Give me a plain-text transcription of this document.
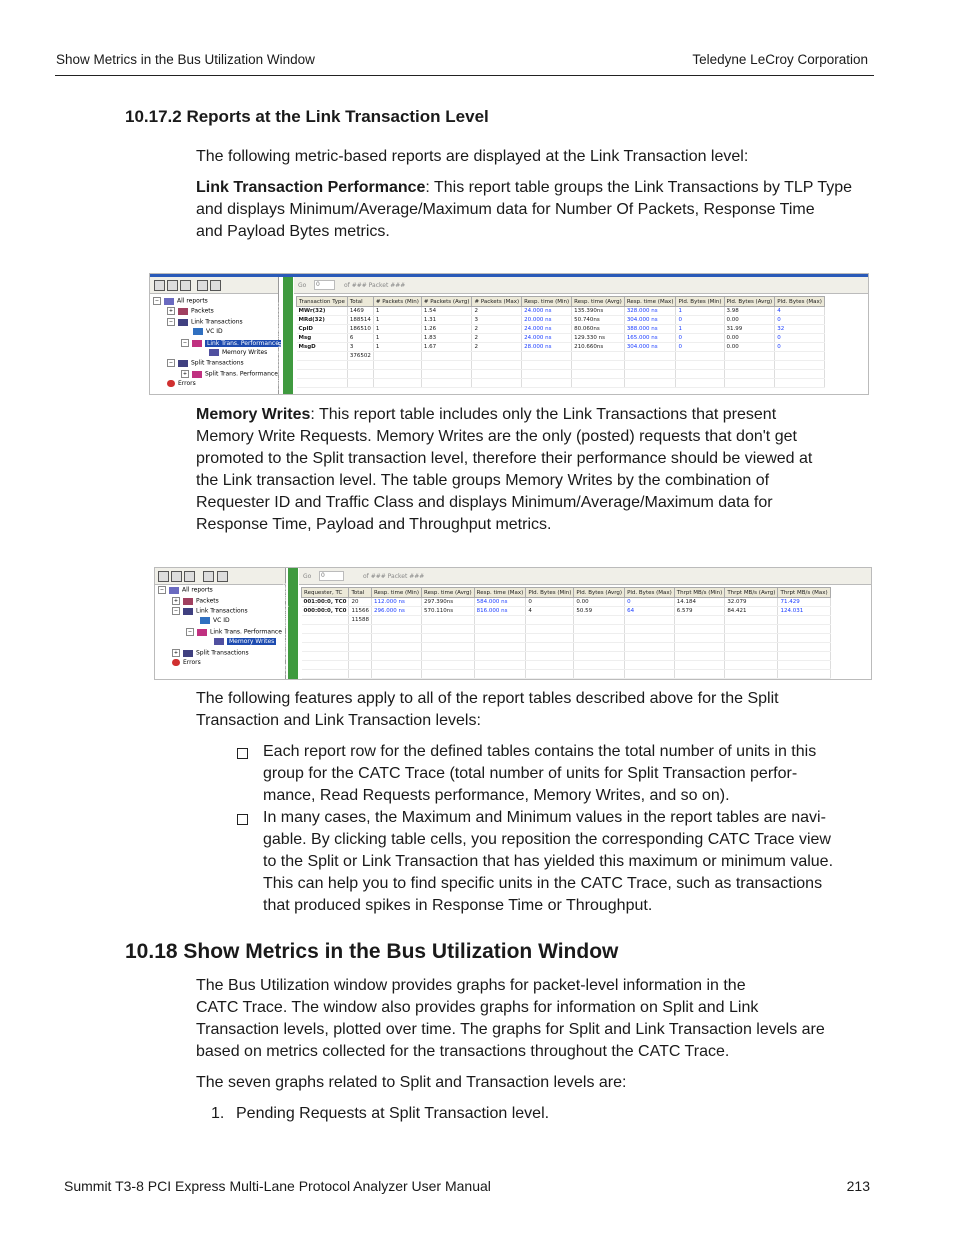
Show Metrics in the Bus Utilization Window	Teledyne LeCroy Corporation
10.17.2 Reports at the Link Transaction Level

The following metric-based reports are displayed at the Link Transaction level:

Link Transaction Performance: This report table groups the Link Transactions by TLP Type
and displays Minimum/Average/Maximum data for Number Of Packets, Response Time
and Payload Bytes metrics.
−	All reports
+	Packets
−	Link Transactions
VC ID
−	Link Trans. Performance
Memory Writes
−	Split Transactions
+	Split Trans. Performance
Errors	Link Transaction Performance
Go	0	of ### Packet ###
Transaction Type	Total	# Packets (Min)	# Packets (Avrg)	# Packets (Max)	Resp. time (Min)	Resp. time (Avrg)	Resp. time (Max)	Pld. Bytes (Min)	Pld. Bytes (Avrg)	Pld. Bytes (Max)
MWr(32)	1469	1	1.54	2	24.000 ns	135.390ns	328.000 ns	1	3.98	4
MRd(32)	188514	1	1.31	3	20.000 ns	50.740ns	304.000 ns	0	0.00	0
CplD	186510	1	1.26	2	24.000 ns	80.060ns	388.000 ns	1	31.99	32
Msg	6	1	1.83	2	24.000 ns	129.330 ns	165.000 ns	0	0.00	0
MsgD	3	1	1.67	2	28.000 ns	210.660ns	304.000 ns	0	0.00	0
	376502									

Memory Writes: This report table includes only the Link Transactions that present
Memory Write Requests. Memory Writes are the only (posted) requests that don't get
promoted to the Split transaction level, therefore their performance should be viewed at
the Link transaction level. The table groups Memory Writes by the combination of
Requester ID and Traffic Class and displays Minimum/Average/Maximum data for
Response Time, Payload and Throughput metrics.
−	All reports
+	Packets
−	Link Transactions
VC ID
−	Link Trans. Performance
Memory Writes
+	Split Transactions
Errors	Link Transacti...Memory Writes
Go	0	of ### Packet ###
Requester, TC	Total	Resp. time (Min)	Resp. time (Avrg)	Resp. time (Max)	Pld. Bytes (Min)	Pld. Bytes (Avrg)	Pld. Bytes (Max)	Thrpt MB/s (Min)	Thrpt MB/s (Avrg)	Thrpt MB/s (Max)
001:00:0, TC0	20	112.000 ns	297.390ns	584.000 ns	0	0.00	0	14.184	32.079	71.429
000:00:0, TC0	11566	296.000 ns	570.110ns	816.000 ns	4	50.59	64	6.579	84.421	124.031
	11588									

The following features apply to all of the report tables described above for the Split
Transaction and Link Transaction levels:
Each report row for the defined tables contains the total number of units in this
group for the CATC Trace (total number of units for Split Transaction perfor-
mance, Read Requests performance, Memory Writes, and so on).
In many cases, the Maximum and Minimum values in the report tables are navi-
gable. By clicking table cells, you reposition the corresponding CATC Trace view
to the Split or Link Transaction that has yielded this maximum or minimum value.
This can help you to find specific units in the CATC Trace, such as transactions
that produced spikes in Response Time or Throughput.
10.18 Show Metrics in the Bus Utilization Window
The Bus Utilization window provides graphs for packet-level information in the
CATC Trace. The window also provides graphs for information on Split and Link
Transaction levels, plotted over time. The graphs for Split and Link Transaction levels are
based on metrics collected for the transactions throughout the CATC Trace.

The seven graphs related to Split and Transaction levels are:

1. Pending Requests at Split Transaction level.
Summit T3-8 PCI Express Multi-Lane Protocol Analyzer User Manual	213
